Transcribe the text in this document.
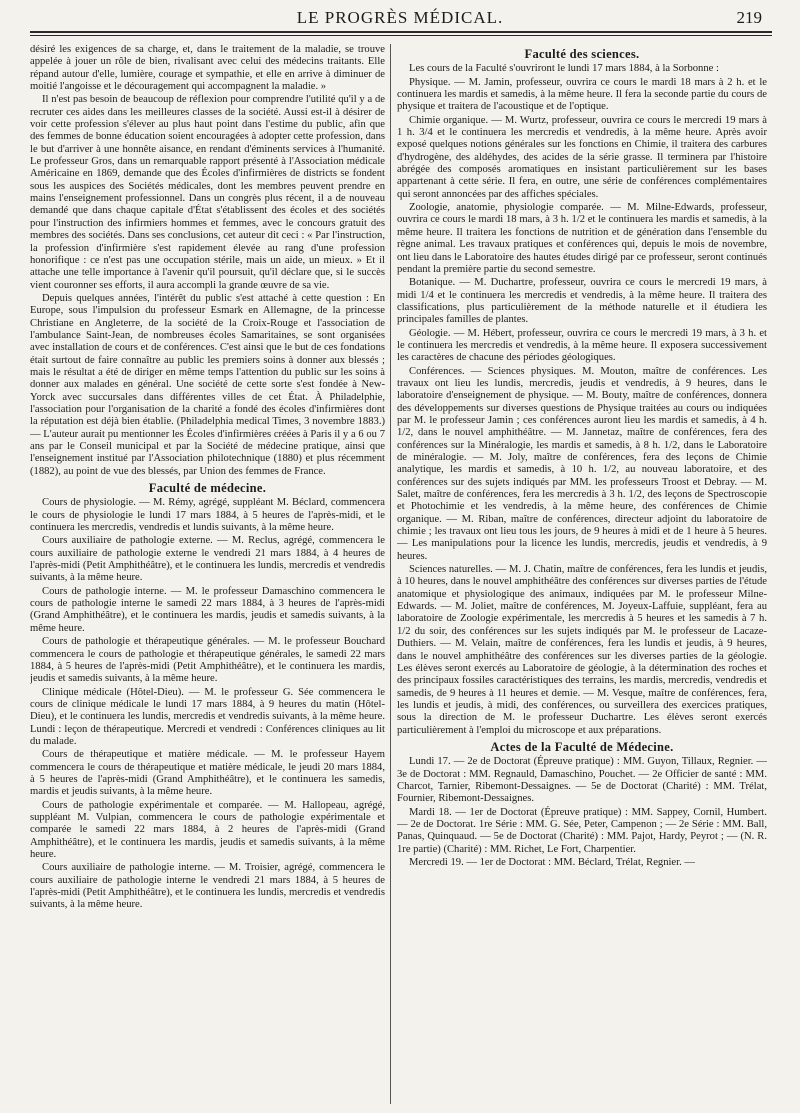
LE PROGRÈS MÉDICAL.	219

désiré les exigences de sa charge, et, dans le traitement de la maladie, se trouve appelée à jouer un rôle de bien, rivalisant avec celui des médecins traitants. Elle répand autour d'elle, lumière, courage et sympathie, et elle en arrive à diminuer de moitié l'angoisse et le découragement qui accompagnent la maladie. »

Il n'est pas besoin de beaucoup de réflexion pour comprendre l'utilité qu'il y a de recruter ces aides dans les meilleures classes de la société. Aussi est-il à désirer de voir cette profession s'élever au plus haut point dans l'estime du public, afin que des femmes de bonne éducation soient encouragées à adopter cette profession, dans le but d'arriver à une honnête aisance, en rendant d'éminents services à l'humanité. Le professeur Gros, dans un remarquable rapport présenté à l'Association médicale Américaine en 1869, demande que des Écoles d'infirmières de districts se fondent sous les auspices des Sociétés médicales, dont les membres peuvent prendre en mains l'enseignement professionnel. Dans un congrès plus récent, il a de nouveau demandé que dans chaque capitale d'État s'établissent des écoles et des sociétés pour l'instruction des infirmiers hommes et femmes, avec le concours gratuit des membres des sociétés. Dans ses conclusions, cet auteur dit ceci : « Par l'instruction, la profession d'infirmière s'est rapidement élevée au rang d'une profession honorifique : ce n'est pas une occupation stérile, mais un aide, un mieux. » Et il attache une telle importance à l'avenir qu'il poursuit, qu'il déclare que, si le succès vient couronner ses efforts, il aura accompli la grande œuvre de sa vie.

Depuis quelques années, l'intérêt du public s'est attaché à cette question : En Europe, sous l'impulsion du professeur Esmark en Allemagne, de la princesse Christiane en Angleterre, de la société de la Croix-Rouge et l'association de l'ambulance Saint-Jean, de nombreuses écoles Samaritaines, se sont organisées avec installation de cours et de conférences. C'est ainsi que le but de ces fondations était surtout de faire connaître au public les premiers soins à donner aux blessés ; mais le résultat a été de diriger en même temps l'attention du public sur les soins à donner aux malades en général. Une société de cette sorte s'est fondée à New-Yorck avec succursales dans différentes villes de cet État. À Philadelphie, l'association pour l'organisation de la charité a fondé des écoles d'infirmières dont la réputation est déjà bien établie. (Philadelphia medical Times, 3 novembre 1883.) — L'auteur aurait pu mentionner les Écoles d'infirmières créées à Paris il y a 6 ou 7 ans par le Conseil municipal et par la Société de médecine pratique, ainsi que l'enseignement institué par l'Association philotechnique (1880) et plus récemment (1882), au point de vue des blessés, par Union des femmes de France.

Faculté de médecine.

Cours de physiologie. — M. Rémy, agrégé, suppléant M. Béclard, commencera le cours de physiologie le lundi 17 mars 1884, à 5 heures de l'après-midi, et le continuera les mercredis, vendredis et lundis suivants, à la même heure.

Cours auxiliaire de pathologie externe. — M. Reclus, agrégé, commencera le cours auxiliaire de pathologie externe le vendredi 21 mars 1884, à 4 heures de l'après-midi (Petit Amphithéâtre), et le continuera les lundis, mercredis et vendredis suivants, à la même heure.

Cours de pathologie interne. — M. le professeur Damaschino commencera le cours de pathologie interne le samedi 22 mars 1884, à 3 heures de l'après-midi (Grand Amphithéâtre), et le continuera les mardis, jeudis et samedis suivants, à la même heure.

Cours de pathologie et thérapeutique générales. — M. le professeur Bouchard commencera le cours de pathologie et thérapeutique générales, le samedi 22 mars 1884, à 5 heures de l'après-midi (Petit Amphithéâtre), et le continuera les mardis, jeudis et samedis suivants, à la même heure.

Clinique médicale (Hôtel-Dieu). — M. le professeur G. Sée commencera le cours de clinique médicale le lundi 17 mars 1884, à 9 heures du matin (Hôtel-Dieu), et le continuera les lundis, mercredis et vendredis suivants, à la même heure. Lundi : leçon de thérapeutique. Mercredi et vendredi : Conférences cliniques au lit du malade.

Cours de thérapeutique et matière médicale. — M. le professeur Hayem commencera le cours de thérapeutique et matière médicale, le jeudi 20 mars 1884, à 5 heures de l'après-midi (Grand Amphithéâtre), et le continuera les samedis, mardis et jeudis suivants, à la même heure.

Cours de pathologie expérimentale et comparée. — M. Hallopeau, agrégé, suppléant M. Vulpian, commencera le cours de pathologie expérimentale et comparée le samedi 22 mars 1884, à 2 heures de l'après-midi (Grand Amphithéâtre), et le continuera les mardis, jeudis et samedis suivants, à la même heure.

Cours auxiliaire de pathologie interne. — M. Troisier, agrégé, commencera le cours auxiliaire de pathologie interne le vendredi 21 mars 1884, à 5 heures de l'après-midi (Petit Amphithéâtre), et le continuera les lundis, mercredis et vendredis suivants, à la même heure.

Faculté des sciences.

Les cours de la Faculté s'ouvriront le lundi 17 mars 1884, à la Sorbonne :

Physique. — M. Jamin, professeur, ouvrira ce cours le mardi 18 mars à 2 h. et le continuera les mardis et samedis, à la même heure. Il fera la seconde partie du cours de physique et traitera de l'acoustique et de l'optique.

Chimie organique. — M. Wurtz, professeur, ouvrira ce cours le mercredi 19 mars à 1 h. 3/4 et le continuera les mercredis et vendredis, à la même heure. Après avoir exposé quelques notions générales sur les fonctions en Chimie, il traitera des carbures d'hydrogène, des aldéhydes, des acides de la série grasse. Il terminera par l'histoire abrégée des composés aromatiques en insistant particulièrement sur les bases appartenant à cette série. Il fera, en outre, une série de conférences complémentaires qui seront annoncées par des affiches spéciales.

Zoologie, anatomie, physiologie comparée. — M. Milne-Edwards, professeur, ouvrira ce cours le mardi 18 mars, à 3 h. 1/2 et le continuera les mardis et samedis, à la même heure. Il traitera les fonctions de nutrition et de génération dans l'ensemble du règne animal. Les travaux pratiques et conférences qui, depuis le mois de novembre, ont lieu dans le Laboratoire des hautes études dirigé par ce professeur, seront continués pendant la première partie du second semestre.

Botanique. — M. Duchartre, professeur, ouvrira ce cours le mercredi 19 mars, à midi 1/4 et le continuera les mercredis et vendredis, à la même heure. Il traitera des classifications, plus particulièrement de la méthode naturelle et il étudiera les principales familles de plantes.

Géologie. — M. Hébert, professeur, ouvrira ce cours le mercredi 19 mars, à 3 h. et le continuera les mercredis et vendredis, à la même heure. Il exposera successivement les caractères de chacune des périodes géologiques.

Conférences. — Sciences physiques. M. Mouton, maître de conférences. Les travaux ont lieu les lundis, mercredis, jeudis et vendredis, à 9 heures, dans le laboratoire d'enseignement de physique. — M. Bouty, maître de conférences, donnera des développements sur diverses questions de Physique traitées au cours ou indiquées par M. le professeur Jamin ; ces conférences auront lieu les mardis et samedis, à 4 h. 1/2, dans le nouvel amphithéâtre. — M. Jannetaz, maître de conférences, fera des conférences sur la Minéralogie, les mardis et samedis, à 8 h. 1/2, dans le Laboratoire de minéralogie. — M. Joly, maître de conférences, fera des leçons de Chimie analytique, les mardis et samedis, à 10 h. 1/2, au nouveau laboratoire, et des conférences sur des sujets indiqués par MM. les professeurs Troost et Debray. — M. Salet, maître de conférences, fera les mercredis à 3 h. 1/2, des leçons de Spectroscopie et Photochimie et les vendredis, à la même heure, des conférences de Chimie organique. — M. Riban, maître de conférences, directeur adjoint du laboratoire de chimie ; les travaux ont lieu tous les jours, de 9 heures à midi et de 1 heure à 5 heures. — Les manipulations pour la licence les lundis, mercredis, jeudis et vendredis, à 9 heures.

Sciences naturelles. — M. J. Chatin, maître de conférences, fera les lundis et jeudis, à 10 heures, dans le nouvel amphithéâtre des conférences sur diverses parties de l'étude anatomique et physiologique des animaux, indiquées par M. le professeur Milne-Edwards. — M. Joliet, maître de conférences, M. Joyeux-Laffuie, suppléant, fera au laboratoire de Zoologie expérimentale, les mercredis à 5 heures et les samedis à 7 h. 1/2 du soir, des conférences sur les sujets indiqués par M. le professeur de Lacaze-Duthiers. — M. Velain, maître de conférences, fera les lundis et jeudis, à 9 heures, dans le nouvel amphithéâtre des conférences sur les diverses parties de la géologie. Les élèves seront exercés au Laboratoire de géologie, à la détermination des roches et des principaux fossiles caractéristiques des terrains, les mardis, mercredis, vendredis et samedis, de 9 heures à 11 heures et demie. — M. Vesque, maître de conférences, fera, les lundis et jeudis, à midi, des conférences, ou surveillera des exercices pratiques, sous la direction de M. le professeur Duchartre. Les élèves seront exercés particulièrement à l'emploi du microscope et aux préparations.

Actes de la Faculté de Médecine.

Lundi 17. — 2e de Doctorat (Épreuve pratique) : MM. Guyon, Tillaux, Regnier. — 3e de Doctorat : MM. Regnauld, Damaschino, Pouchet. — 2e Officier de santé : MM. Charcot, Tarnier, Ribemont-Dessaignes. — 5e de Doctorat (Charité) : MM. Trélat, Fournier, Ribemont-Dessaignes.

Mardi 18. — 1er de Doctorat (Épreuve pratique) : MM. Sappey, Cornil, Humbert. — 2e de Doctorat. 1re Série : MM. G. Sée, Peter, Campenon ; — 2e Série : MM. Ball, Panas, Quinquaud. — 5e de Doctorat (Charité) : MM. Pajot, Hardy, Peyrot ; — (N. R. 1re partie) (Charité) : MM. Richet, Le Fort, Charpentier.

Mercredi 19. — 1er de Doctorat : MM. Béclard, Trélat, Regnier. —
